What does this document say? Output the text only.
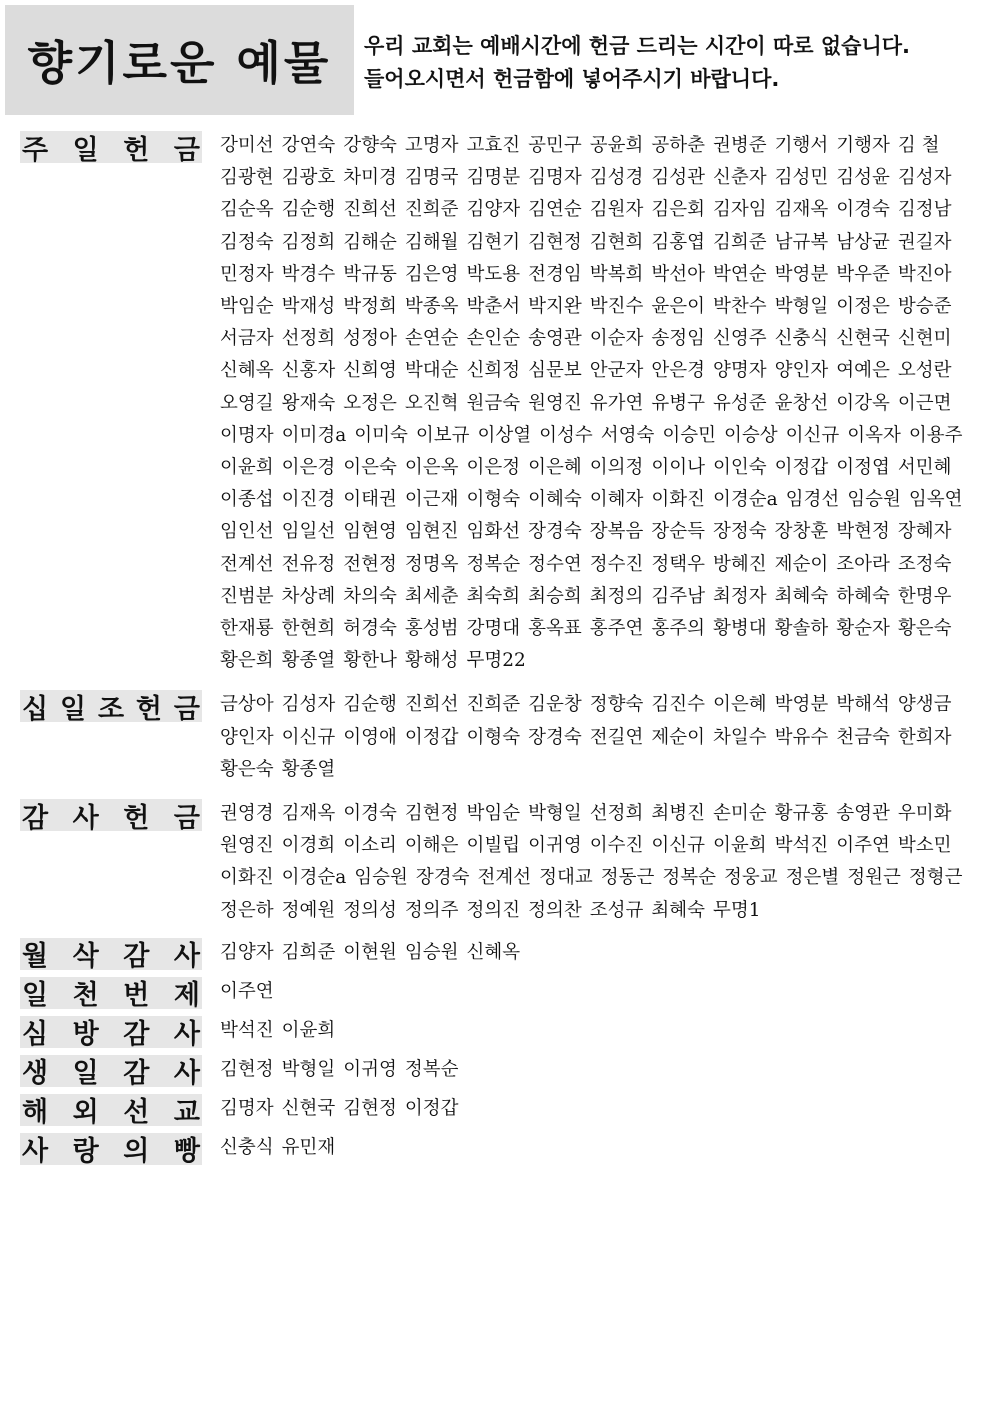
향기로운 예물 우리 교회는 예배시간에 헌금 드리는 시간이 따로 없습니다.
들어오시면서 헌금함에 넣어주시기 바랍니다.
주 일 헌 금 강미선 강연숙 강향숙 고명자 고효진 공민구 공윤희 공하춘 권병준 기행서 기행자 김 철
김광현 김광호 차미경 김명국 김명분 김명자 김성경 김성관 신춘자 김성민 김성윤 김성자
김순옥 김순행 진희선 진희준 김양자 김연순 김원자 김은회 김자임 김재옥 이경숙 김정남
김정숙 김정희 김해순 김해월 김현기 김현정 김현희 김홍엽 김희준 남규복 남상균 권길자
민정자 박경수 박규동 김은영 박도용 전경임 박복희 박선아 박연순 박영분 박우준 박진아
박임순 박재성 박정희 박종옥 박춘서 박지완 박진수 윤은이 박찬수 박형일 이정은 방승준
서금자 선정희 성정아 손연순 손인순 송영관 이순자 송정임 신영주 신충식 신현국 신현미
신혜옥 신홍자 신희영 박대순 신희정 심문보 안군자 안은경 양명자 양인자 여예은 오성란
오영길 왕재숙 오정은 오진혁 원금숙 원영진 유가연 유병구 유성준 윤창선 이강옥 이근면
이명자 이미경a 이미숙 이보규 이상열 이성수 서영숙 이승민 이승상 이신규 이옥자 이용주
이윤희 이은경 이은숙 이은옥 이은정 이은혜 이의정 이이나 이인숙 이정갑 이정엽 서민혜
이종섭 이진경 이태권 이근재 이형숙 이혜숙 이혜자 이화진 이경순a 임경선 임승원 임옥연
임인선 임일선 임현영 임현진 임화선 장경숙 장복음 장순득 장정숙 장창훈 박현정 장혜자
전계선 전유정 전현정 정명옥 정복순 정수연 정수진 정택우 방혜진 제순이 조아라 조정숙
진범분 차상례 차의숙 최세춘 최숙희 최승희 최정의 김주남 최정자 최혜숙 하혜숙 한명우
한재룡 한현희 허경숙 홍성범 강명대 홍옥표 홍주연 홍주의 황병대 황솔하 황순자 황은숙
황은희 황종열 황한나 황해성 무명22
십 일 조 헌 금 금상아 김성자 김순행 진희선 진희준 김운창 정향숙 김진수 이은혜 박영분 박해석 양생금
양인자 이신규 이영애 이정갑 이형숙 장경숙 전길연 제순이 차일수 박유수 천금숙 한희자
황은숙 황종열
감 사 헌 금 권영경 김재옥 이경숙 김현정 박임순 박형일 선정희 최병진 손미순 황규홍 송영관 우미화
원영진 이경희 이소리 이해은 이빌립 이귀영 이수진 이신규 이윤희 박석진 이주연 박소민
이화진 이경순a 임승원 장경숙 전계선 정대교 정동근 정복순 정웅교 정은별 정원근 정형근
정은하 정예원 정의성 정의주 정의진 정의찬 조성규 최혜숙 무명1
월 삭 감 사 김양자 김희준 이현원 임승원 신혜옥
일 천 번 제 이주연
심 방 감 사 박석진 이윤희
생 일 감 사 김현정 박형일 이귀영 정복순
해 외 선 교 김명자 신현국 김현정 이정갑
사 랑 의 빵 신충식 유민재
